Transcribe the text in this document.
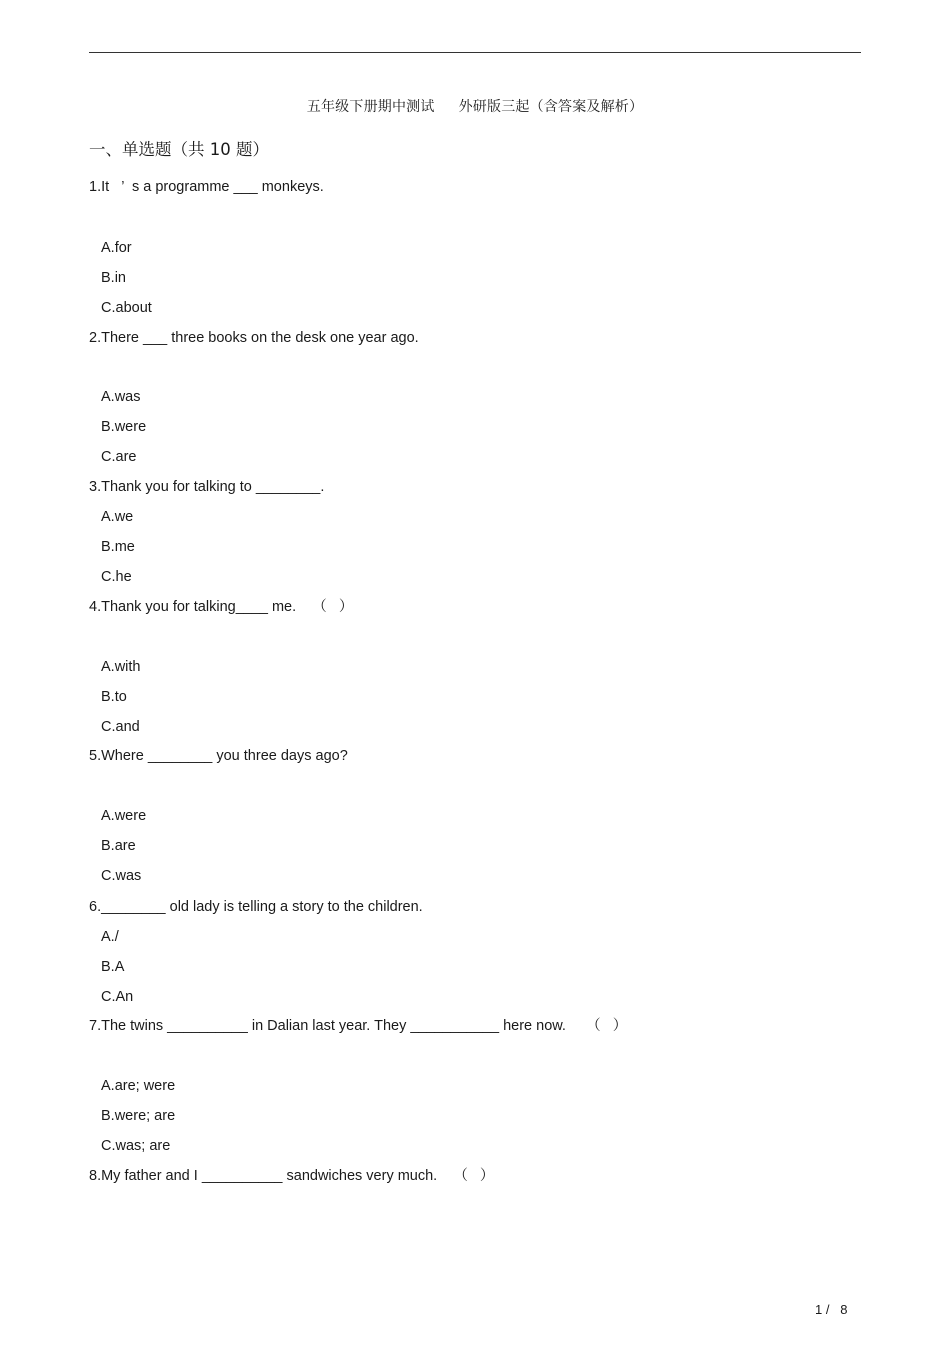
五年级下册期中测试 外研版三起（含答案及解析）
一、单选题（共 10 题）
1.It   ’  s a programme ___ monkeys.
A.for
B.in
C.about
2.There ___ three books on the desk one year ago.
A.was
B.were
C.are
3.Thank you for talking to ________.
A.we
B.me
C.he
4.Thank you for talking____ me.    （   ）
A.with
B.to
C.and
5.Where ________ you three days ago?
A.were
B.are
C.was
6.________ old lady is telling a story to the children.
A./
B.A
C.An
7.The twins __________ in Dalian last year. They ___________ here now.     （   ）
A.are; were
B.were; are
C.was; are
8.My father and I __________ sandwiches very much.    （   ）
1 /   8
